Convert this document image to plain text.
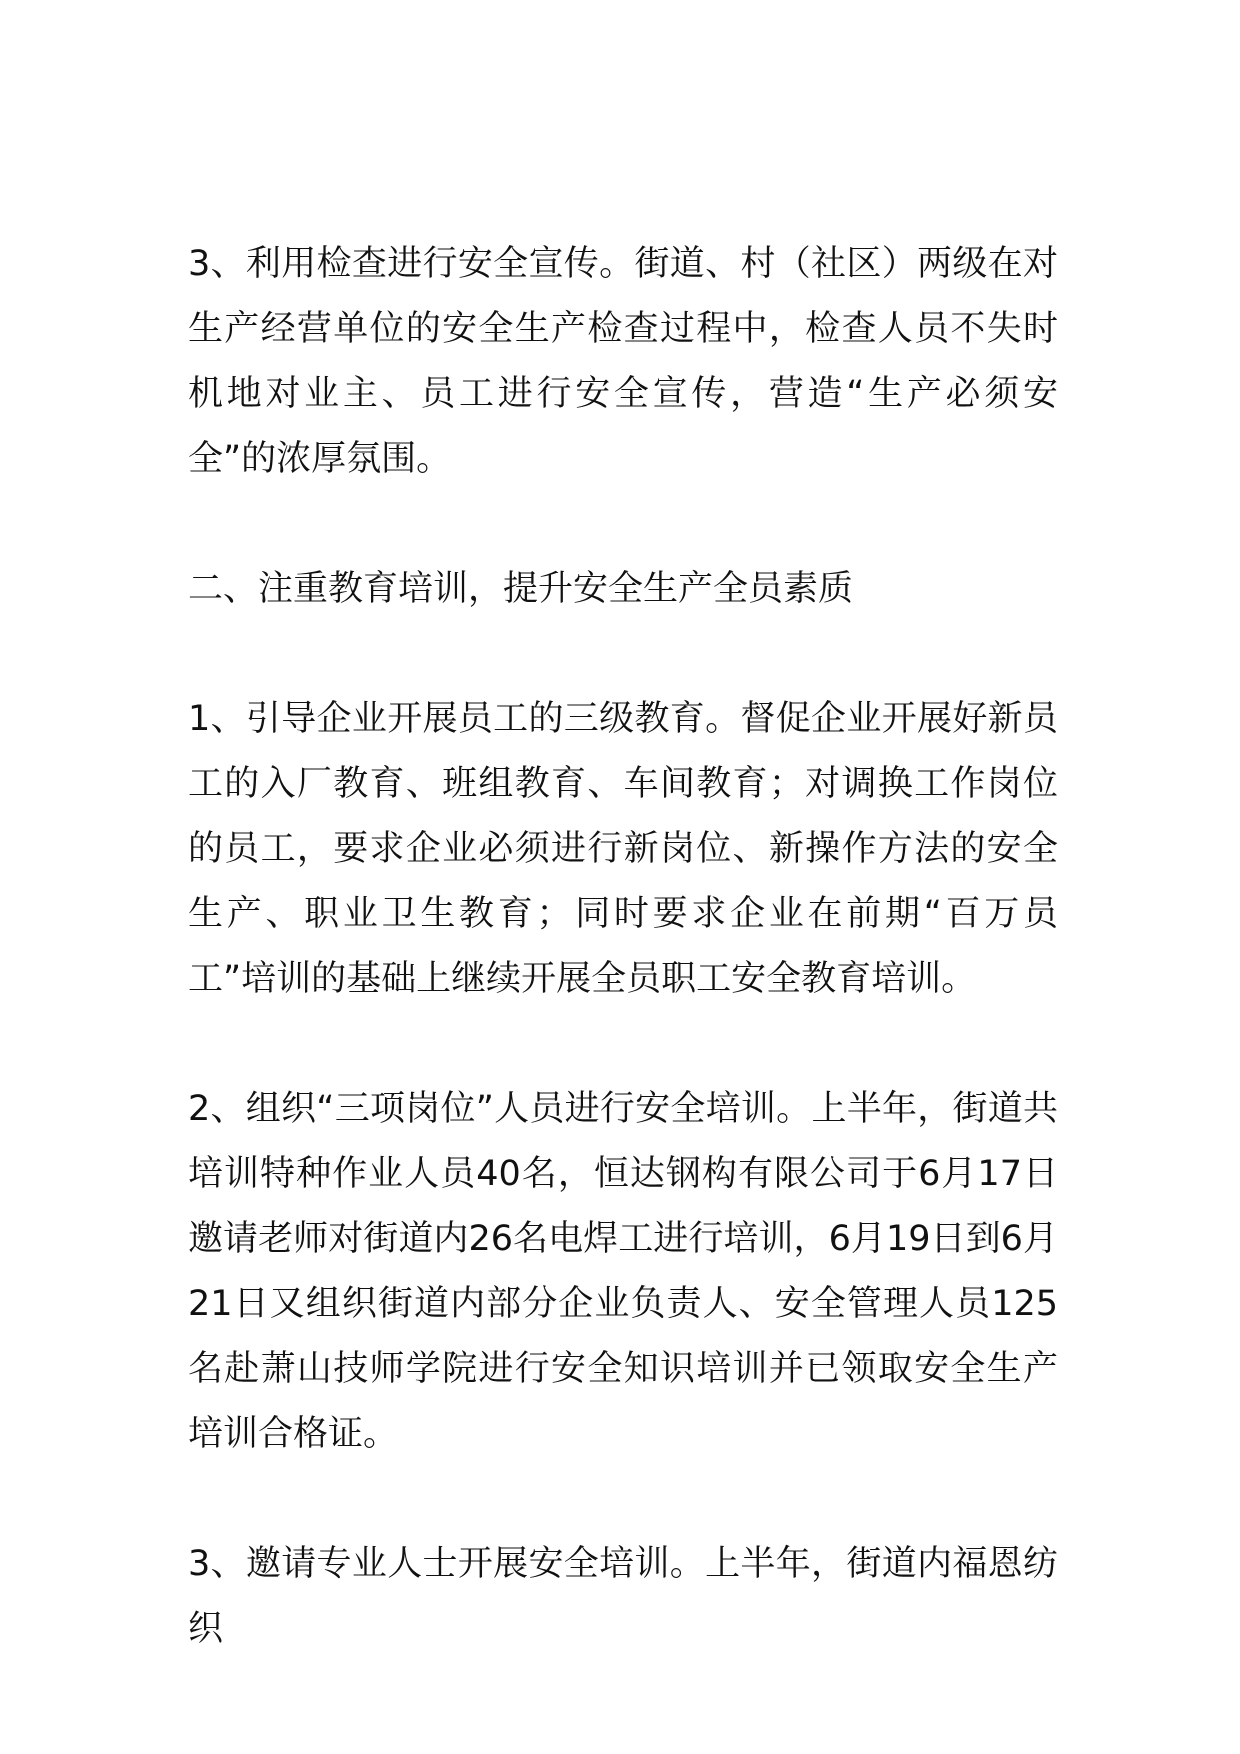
3、利用检查进行安全宣传。街道、村（社区）两级在对生产经营单位的安全生产检查过程中，检查人员不失时机地对业主、员工进行安全宣传，营造“生产必须安全”的浓厚氛围。

二、注重教育培训，提升安全生产全员素质

1、引导企业开展员工的三级教育。督促企业开展好新员工的入厂教育、班组教育、车间教育；对调换工作岗位的员工，要求企业必须进行新岗位、新操作方法的安全生产、职业卫生教育；同时要求企业在前期“百万员工”培训的基础上继续开展全员职工安全教育培训。

2、组织“三项岗位”人员进行安全培训。上半年，街道共培训特种作业人员40名，恒达钢构有限公司于6月17日邀请老师对街道内26名电焊工进行培训，6月19日到6月21日又组织街道内部分企业负责人、安全管理人员125名赴萧山技师学院进行安全知识培训并已领取安全生产培训合格证。

3、邀请专业人士开展安全培训。上半年，街道内福恩纺织
